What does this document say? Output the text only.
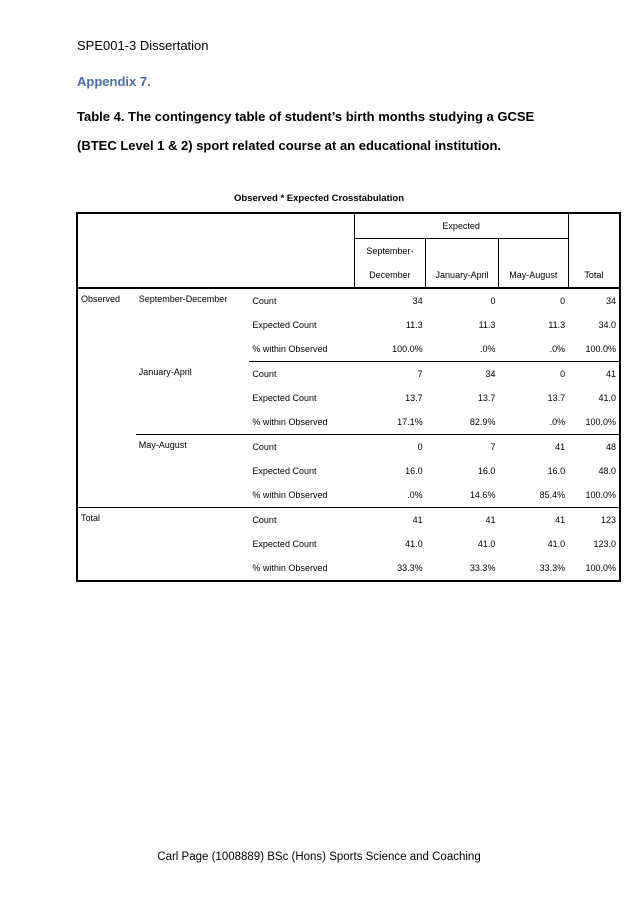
SPE001-3 Dissertation
Appendix 7.
Table 4. The contingency table of student’s birth months studying a GCSE
(BTEC Level 1 & 2) sport related course at an educational institution.
Observed * Expected Crosstabulation
			Expected			Total
			September-	January-April	May-August	
			December			
Observed	September-December	Count	34	0	0	34
		Expected Count	11.3	11.3	11.3	34.0
		% within Observed	100.0%	.0%	.0%	100.0%
	January-April	Count	7	34	0	41
		Expected Count	13.7	13.7	13.7	41.0
		% within Observed	17.1%	82.9%	.0%	100.0%
	May-August	Count	0	7	41	48
		Expected Count	16.0	16.0	16.0	48.0
		% within Observed	.0%	14.6%	85.4%	100.0%
Total		Count	41	41	41	123
		Expected Count	41.0	41.0	41.0	123.0
		% within Observed	33.3%	33.3%	33.3%	100.0%
Carl Page (1008889) BSc (Hons) Sports Science and Coaching
